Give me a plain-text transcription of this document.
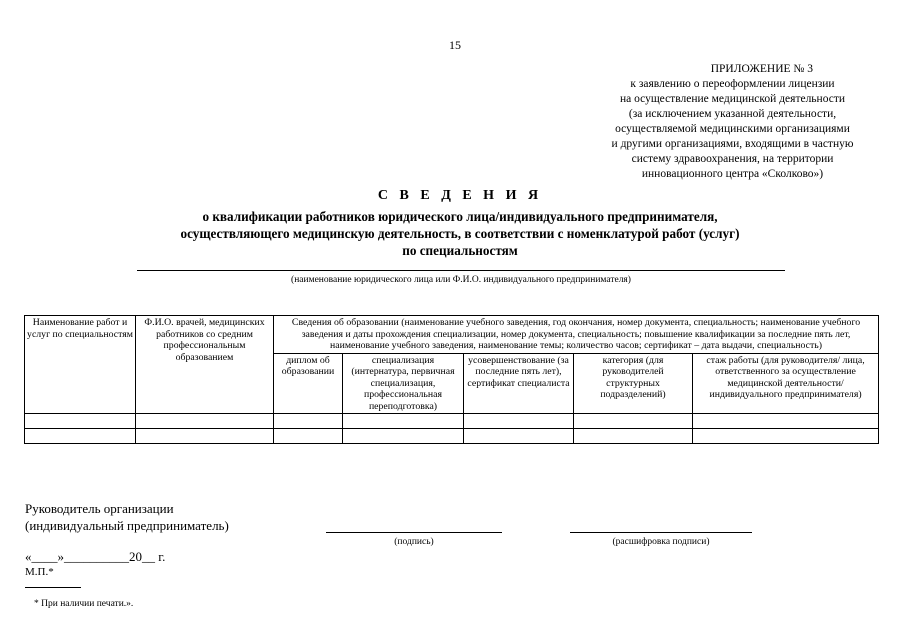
15
ПРИЛОЖЕНИЕ № 3
к заявлению о переоформлении лицензии
на осуществление медицинской деятельности
(за исключением указанной деятельности,
осуществляемой медицинскими организациями
и другими организациями, входящими в частную
систему здравоохранения, на территории
инновационного центра «Сколково»)
С В Е Д Е Н И Я
о квалификации работников юридического лица/индивидуального предпринимателя,
осуществляющего медицинскую деятельность, в соответствии с номенклатурой работ (услуг)
по специальностям
(наименование юридического лица или Ф.И.О. индивидуального предпринимателя)
Наименование работ и услуг по специальностям	Ф.И.О. врачей, медицинских работников со средним профессиональным образованием	Сведения об образовании (наименование учебного заведения, год окончания, номер документа, специальность; наименование учебного заведения и даты прохождения специализации, номер документа, специальность; повышение квалификации за последние пять лет, наименование учебного заведения, наименование темы; количество часов; сертификат – дата выдачи, специальность)				
		диплом об образовании	специализация (интернатура, первичная специализация, профессиональная переподготовка)	усовершенствование (за последние пять лет), сертификат специалиста	категория (для руководителей структурных подразделений)	стаж работы (для руководителя/ лица, ответственного за осуществление медицинской деятельности/индивидуального предпринимателя)

Руководитель организации
(индивидуальный предприниматель)
(подпись)	(расшифровка подписи)
«____»__________20__ г.
М.П.*
* При наличии печати.».
